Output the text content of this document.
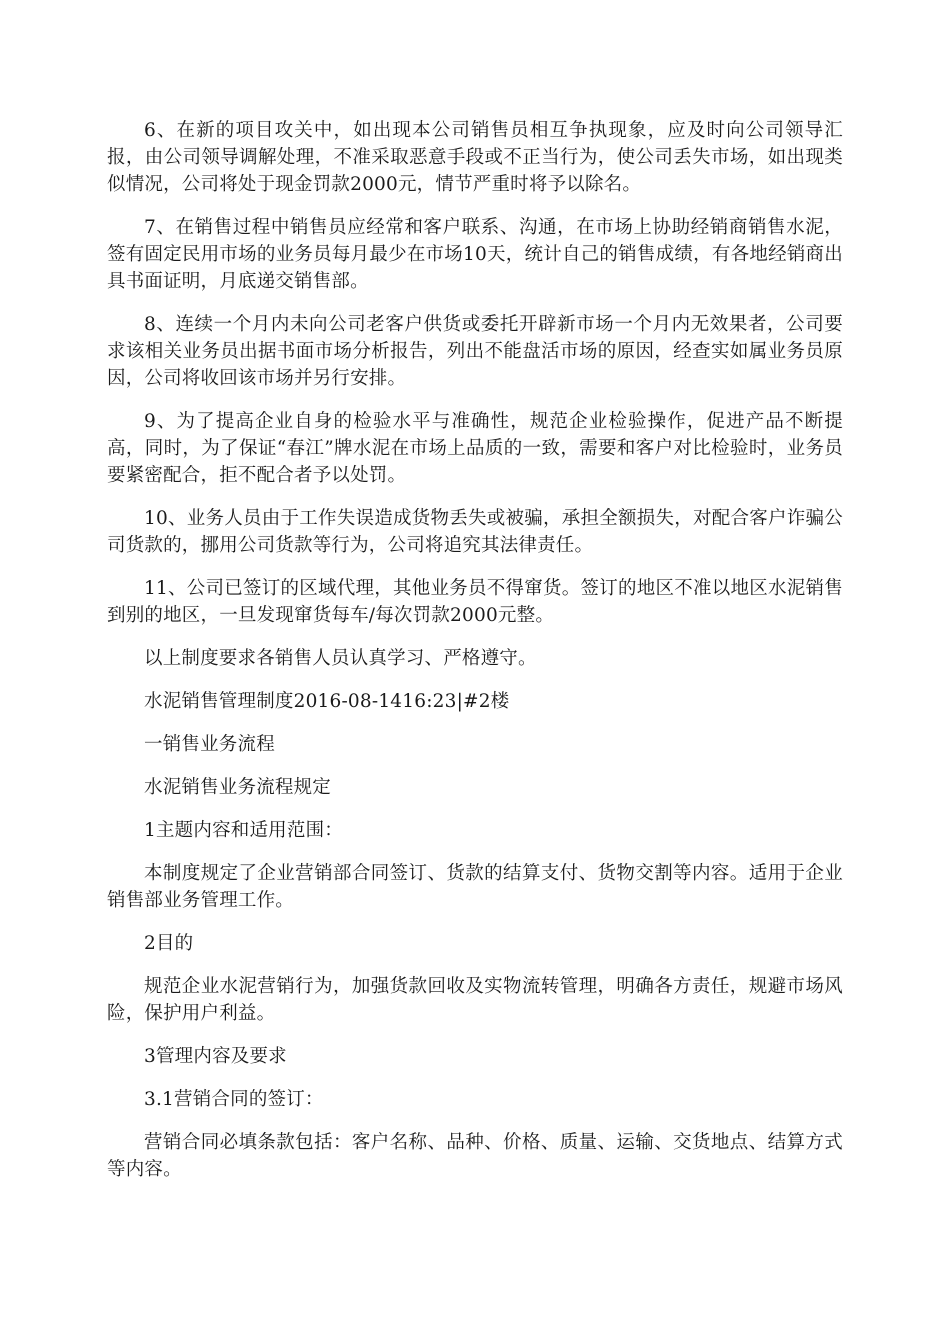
6、在新的项目攻关中，如出现本公司销售员相互争执现象，应及时向公司领导汇报，由公司领导调解处理，不准采取恶意手段或不正当行为，使公司丢失市场，如出现类似情况，公司将处于现金罚款2000元，情节严重时将予以除名。

7、在销售过程中销售员应经常和客户联系、沟通，在市场上协助经销商销售水泥，签有固定民用市场的业务员每月最少在市场10天，统计自己的销售成绩，有各地经销商出具书面证明，月底递交销售部。

8、连续一个月内未向公司老客户供货或委托开辟新市场一个月内无效果者，公司要求该相关业务员出据书面市场分析报告，列出不能盘活市场的原因，经查实如属业务员原因，公司将收回该市场并另行安排。

9、为了提高企业自身的检验水平与准确性，规范企业检验操作，促进产品不断提高，同时，为了保证“春江”牌水泥在市场上品质的一致，需要和客户对比检验时，业务员要紧密配合，拒不配合者予以处罚。

10、业务人员由于工作失误造成货物丢失或被骗，承担全额损失，对配合客户诈骗公司货款的，挪用公司货款等行为，公司将追究其法律责任。

11、公司已签订的区域代理，其他业务员不得窜货。签订的地区不准以地区水泥销售到别的地区，一旦发现窜货每车/每次罚款2000元整。

以上制度要求各销售人员认真学习、严格遵守。

水泥销售管理制度2016-08-1416:23|#2楼

一销售业务流程

水泥销售业务流程规定

1主题内容和适用范围：

本制度规定了企业营销部合同签订、货款的结算支付、货物交割等内容。适用于企业销售部业务管理工作。

2目的

规范企业水泥营销行为，加强货款回收及实物流转管理，明确各方责任，规避市场风险，保护用户利益。

3管理内容及要求

3.1营销合同的签订：

营销合同必填条款包括：客户名称、品种、价格、质量、运输、交货地点、结算方式等内容。
